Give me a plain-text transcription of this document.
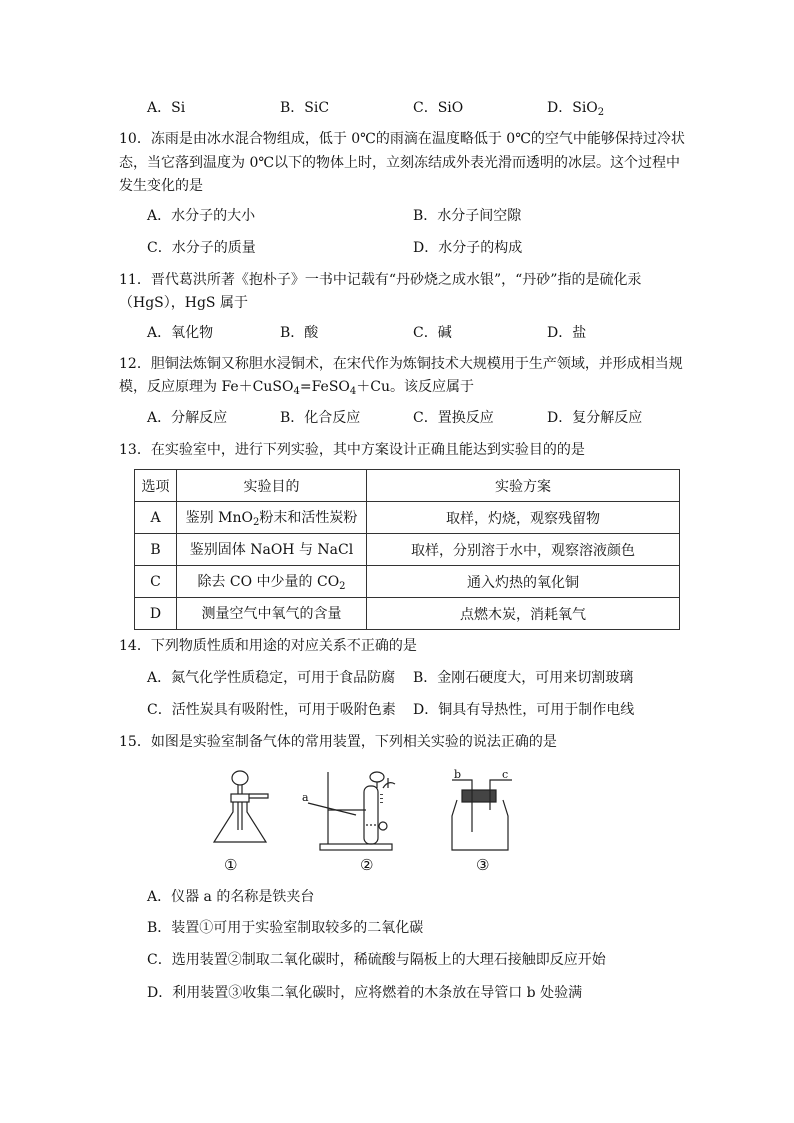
A．Si	B．SiC	C．SiO	D．SiO$_2$
10．冻雨是由冰水混合物组成，低于 0℃的雨滴在温度略低于 0℃的空气中能够保持过冷状
态，当它落到温度为 0℃以下的物体上时，立刻冻结成外表光滑而透明的冰层。这个过程中
发生变化的是
A．水分子的大小	B．水分子间空隙
C．水分子的质量	D．水分子的构成
11．晋代葛洪所著《抱朴子》一书中记载有“丹砂烧之成水银”，“丹砂”指的是硫化汞
（HgS），HgS 属于
A．氧化物	B．酸	C．碱	D．盐
12．胆铜法炼铜又称胆水浸铜术，在宋代作为炼铜技术大规模用于生产领域，并形成相当规
模，反应原理为 Fe＋CuSO$_4$=FeSO$_4$＋Cu。该反应属于
A．分解反应	B．化合反应	C．置换反应	D．复分解反应
13．在实验室中，进行下列实验，其中方案设计正确且能达到实验目的的是
选项	实验目的	实验方案
A	鉴别 MnO$_2$粉末和活性炭粉	取样，灼烧，观察残留物
B	鉴别固体 NaOH 与 NaCl	取样，分别溶于水中，观察溶液颜色
C	除去 CO 中少量的 $CO_2$	通入灼热的氧化铜
D	测量空气中氧气的含量	点燃木炭，消耗氧气
14．下列物质性质和用途的对应关系不正确的是
A．氮气化学性质稳定，可用于食品防腐 B．金刚石硬度大，可用来切割玻璃
C．活性炭具有吸附性，可用于吸附色素 D．铜具有导热性，可用于制作电线
15．如图是实验室制备气体的常用装置，下列相关实验的说法正确的是
a
b	c
①	②	③
A．仪器 a 的名称是铁夹台
B．装置①可用于实验室制取较多的二氧化碳
C．选用装置②制取二氧化碳时，稀硫酸与隔板上的大理石接触即反应开始
D．利用装置③收集二氧化碳时，应将燃着的木条放在导管口 b 处验满
